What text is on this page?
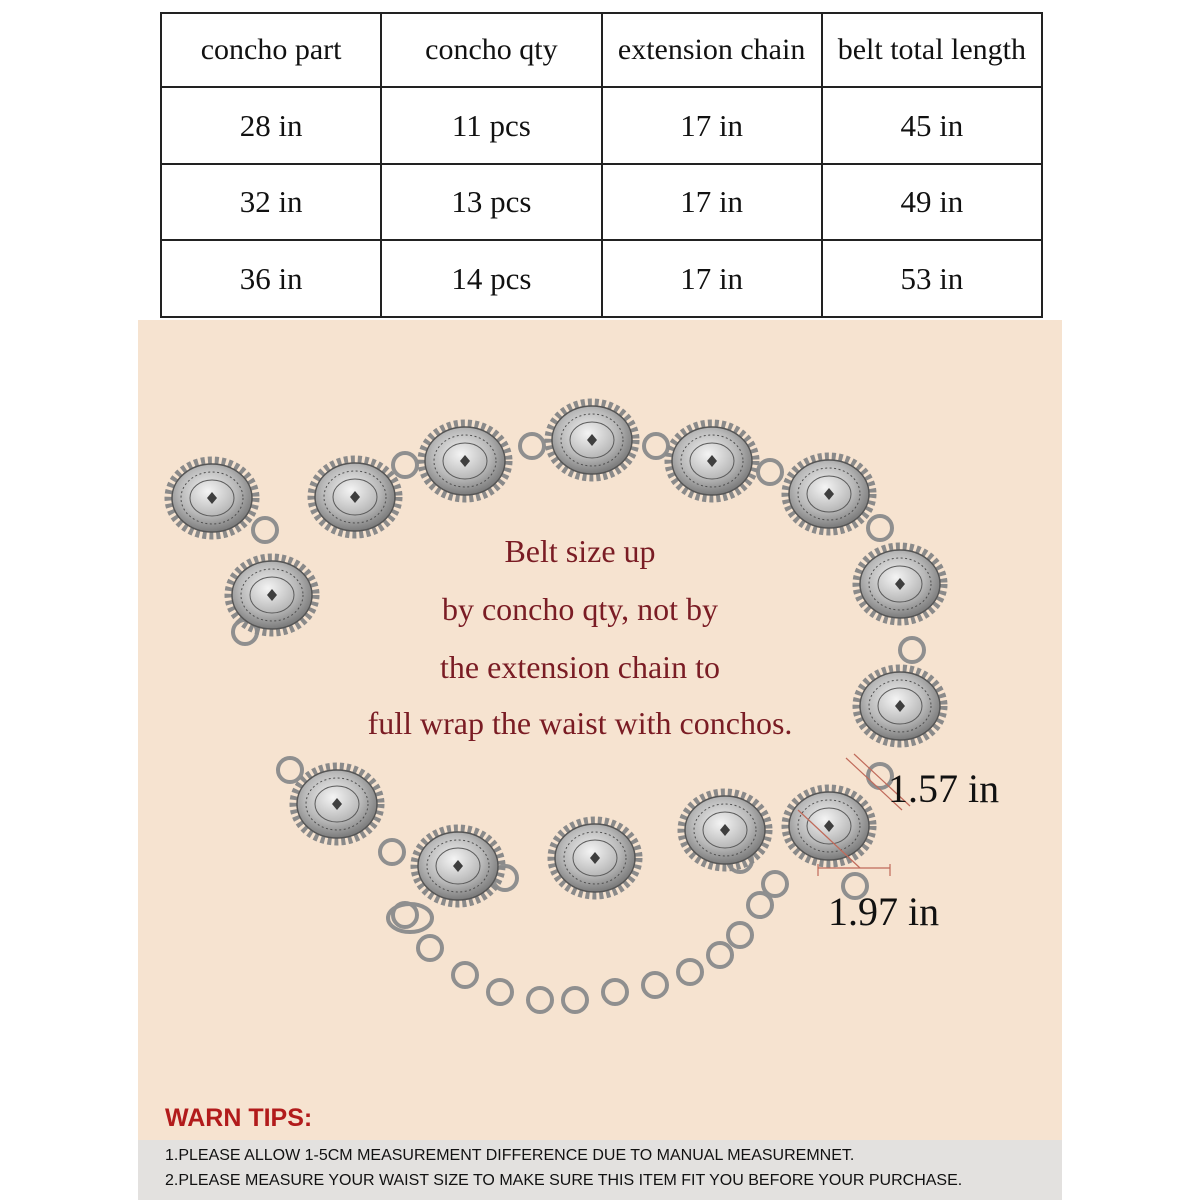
concho part	concho qty	extension chain	belt total length
28 in	11 pcs	17 in	45 in
32 in	13 pcs	17 in	49 in
36 in	14 pcs	17 in	53 in
Belt size up
by concho qty, not by
the extension chain to
full wrap the waist with conchos.
1.57 in
1.97 in
WARN TIPS:
1.PLEASE ALLOW 1-5CM MEASUREMENT DIFFERENCE DUE TO MANUAL MEASUREMNET.
2.PLEASE MEASURE YOUR WAIST SIZE TO MAKE SURE THIS ITEM FIT YOU BEFORE YOUR PURCHASE.
